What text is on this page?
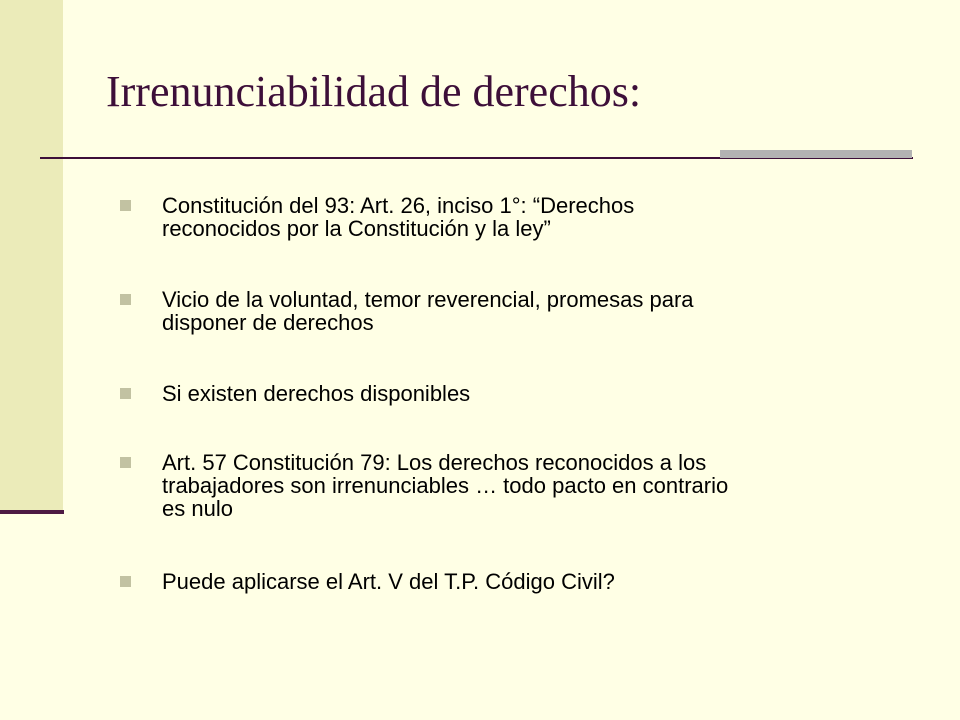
Irrenunciabilidad de derechos:
Constitución del 93: Art. 26, inciso 1°: “Derechos
reconocidos por la Constitución y la ley”
Vicio de la voluntad, temor reverencial, promesas para
disponer de derechos
Si existen derechos disponibles
Art. 57 Constitución 79: Los derechos reconocidos a los
trabajadores son irrenunciables … todo pacto en contrario
es nulo
Puede aplicarse el Art. V del T.P. Código Civil?
